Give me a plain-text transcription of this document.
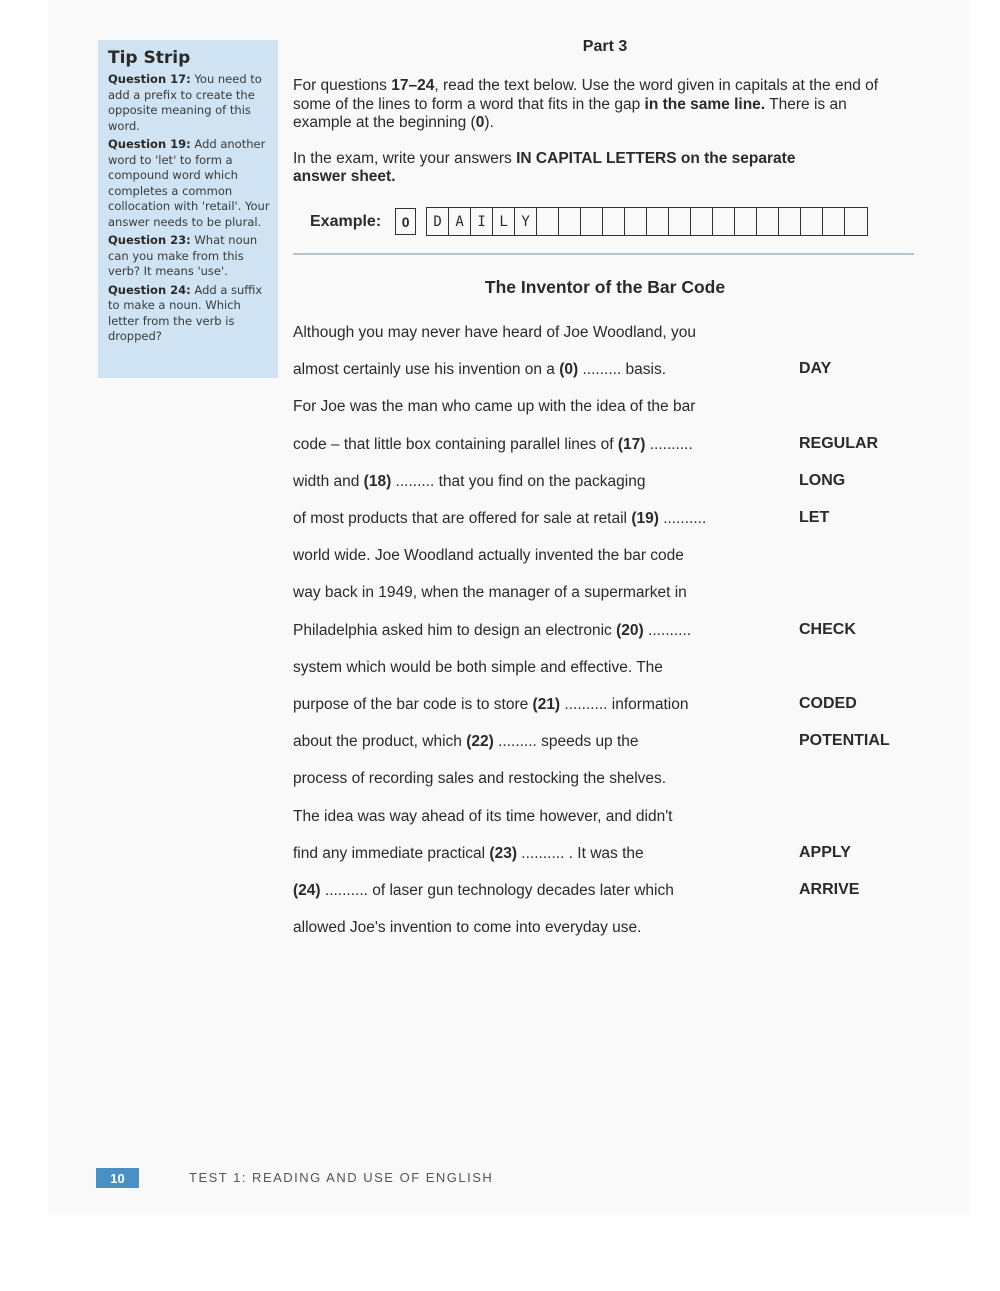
Tip Strip
Question 17: You need to add a prefix to create the opposite meaning of this word.
Question 19: Add another word to 'let' to form a compound word which completes a common collocation with 'retail'. Your answer needs to be plural.
Question 23: What noun can you make from this verb? It means 'use'.
Question 24: Add a suffix to make a noun. Which letter from the verb is dropped?
Part 3

For questions 17–24, read the text below. Use the word given in capitals at the end of some of the lines to form a word that fits in the gap in the same line. There is an example at the beginning (0).

In the exam, write your answers IN CAPITAL LETTERS on the separate
answer sheet.

Example:	0	D A I L Y
The Inventor of the Bar Code
Although you may never have heard of Joe Woodland, you
almost certainly use his invention on a (0) ......... basis.	DAY
For Joe was the man who came up with the idea of the bar
code – that little box containing parallel lines of (17) ..........	REGULAR
width and (18) ......... that you find on the packaging	LONG
of most products that are offered for sale at retail (19) ..........	LET
world wide. Joe Woodland actually invented the bar code
way back in 1949, when the manager of a supermarket in
Philadelphia asked him to design an electronic (20) ..........	CHECK
system which would be both simple and effective. The
purpose of the bar code is to store (21) .......... information	CODED
about the product, which (22) ......... speeds up the	POTENTIAL
process of recording sales and restocking the shelves.
The idea was way ahead of its time however, and didn't
find any immediate practical (23) .......... . It was the	APPLY
(24) .......... of laser gun technology decades later which	ARRIVE
allowed Joe's invention to come into everyday use.
10	TEST 1: READING AND USE OF ENGLISH
